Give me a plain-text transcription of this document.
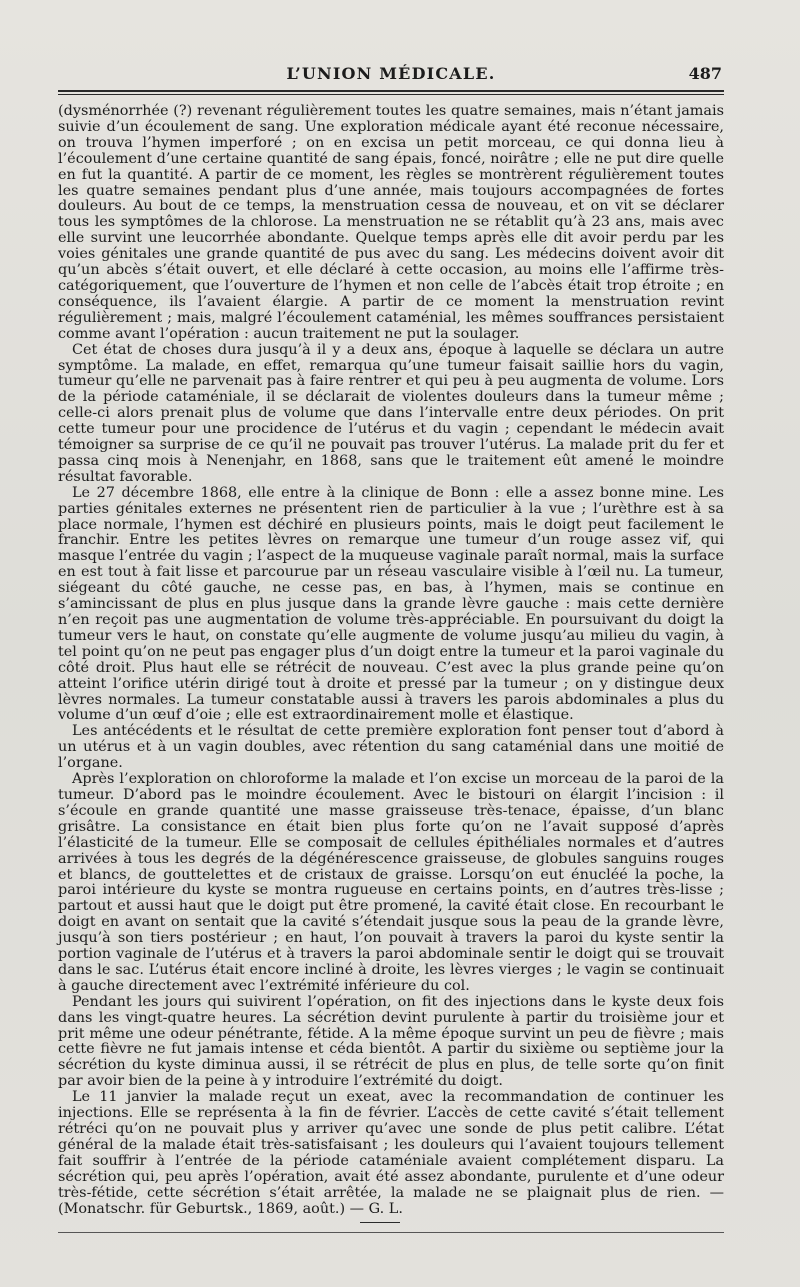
L’UNION MÉDICALE.	487

(dysménorrhée (?) revenant régulièrement toutes les quatre semaines, mais n’étant jamais suivie d’un écoulement de sang. Une exploration médicale ayant été reconue nécessaire, on trouva l’hymen imperforé ; on en excisa un petit morceau, ce qui donna lieu à l’écoulement d’une certaine quantité de sang épais, foncé, noirâtre ; elle ne put dire quelle en fut la quantité. A partir de ce moment, les règles se montrèrent régulièrement toutes les quatre semaines pendant plus d’une année, mais toujours accompagnées de fortes douleurs. Au bout de ce temps, la menstruation cessa de nouveau, et on vit se déclarer tous les symptômes de la chlorose. La menstruation ne se rétablit qu’à 23 ans, mais avec elle survint une leucorrhée abondante. Quelque temps après elle dit avoir perdu par les voies génitales une grande quantité de pus avec du sang. Les médecins doivent avoir dit qu’un abcès s’était ouvert, et elle déclaré à cette occasion, au moins elle l’affirme très-catégoriquement, que l’ouverture de l’hymen et non celle de l’abcès était trop étroite ; en conséquence, ils l’avaient élargie. A partir de ce moment la menstruation revint régulièrement ; mais, malgré l’écoulement cataménial, les mêmes souffrances persistaient comme avant l’opération : aucun traitement ne put la soulager.

Cet état de choses dura jusqu’à il y a deux ans, époque à laquelle se déclara un autre symptôme. La malade, en effet, remarqua qu’une tumeur faisait saillie hors du vagin, tumeur qu’elle ne parvenait pas à faire rentrer et qui peu à peu augmenta de volume. Lors de la période cataméniale, il se déclarait de violentes douleurs dans la tumeur même ; celle-ci alors prenait plus de volume que dans l’intervalle entre deux périodes. On prit cette tumeur pour une procidence de l’utérus et du vagin ; cependant le médecin avait témoigner sa surprise de ce qu’il ne pouvait pas trouver l’utérus. La malade prit du fer et passa cinq mois à Nenenjahr, en 1868, sans que le traitement eût amené le moindre résultat favorable.

Le 27 décembre 1868, elle entre à la clinique de Bonn : elle a assez bonne mine. Les parties génitales externes ne présentent rien de particulier à la vue ; l’urèthre est à sa place normale, l’hymen est déchiré en plusieurs points, mais le doigt peut facilement le franchir. Entre les petites lèvres on remarque une tumeur d’un rouge assez vif, qui masque l’entrée du vagin ; l’aspect de la muqueuse vaginale paraît normal, mais la surface en est tout à fait lisse et parcourue par un réseau vasculaire visible à l’œil nu. La tumeur, siégeant du côté gauche, ne cesse pas, en bas, à l’hymen, mais se continue en s’amincissant de plus en plus jusque dans la grande lèvre gauche : mais cette dernière n’en reçoit pas une augmentation de volume très-appréciable. En poursuivant du doigt la tumeur vers le haut, on constate qu’elle augmente de volume jusqu’au milieu du vagin, à tel point qu’on ne peut pas engager plus d’un doigt entre la tumeur et la paroi vaginale du côté droit. Plus haut elle se rétrécit de nouveau. C’est avec la plus grande peine qu’on atteint l’orifice utérin dirigé tout à droite et pressé par la tumeur ; on y distingue deux lèvres normales. La tumeur constatable aussi à travers les parois abdominales a plus du volume d’un œuf d’oie ; elle est extraordinairement molle et élastique.

Les antécédents et le résultat de cette première exploration font penser tout d’abord à un utérus et à un vagin doubles, avec rétention du sang cataménial dans une moitié de l’organe.

Après l’exploration on chloroforme la malade et l’on excise un morceau de la paroi de la tumeur. D’abord pas le moindre écoulement. Avec le bistouri on élargit l’incision : il s’écoule en grande quantité une masse graisseuse très-tenace, épaisse, d’un blanc grisâtre. La consistance en était bien plus forte qu’on ne l’avait supposé d’après l’élasticité de la tumeur. Elle se composait de cellules épithéliales normales et d’autres arrivées à tous les degrés de la dégénérescence graisseuse, de globules sanguins rouges et blancs, de gouttelettes et de cristaux de graisse. Lorsqu’on eut énucléé la poche, la paroi intérieure du kyste se montra rugueuse en certains points, en d’autres très-lisse ; partout et aussi haut que le doigt put être promené, la cavité était close. En recourbant le doigt en avant on sentait que la cavité s’étendait jusque sous la peau de la grande lèvre, jusqu’à son tiers postérieur ; en haut, l’on pouvait à travers la paroi du kyste sentir la portion vaginale de l’utérus et à travers la paroi abdominale sentir le doigt qui se trouvait dans le sac. L’utérus était encore incliné à droite, les lèvres vierges ; le vagin se continuait à gauche directement avec l’extrémité inférieure du col.

Pendant les jours qui suivirent l’opération, on fit des injections dans le kyste deux fois dans les vingt-quatre heures. La sécrétion devint purulente à partir du troisième jour et prit même une odeur pénétrante, fétide. A la même époque survint un peu de fièvre ; mais cette fièvre ne fut jamais intense et céda bientôt. A partir du sixième ou septième jour la sécrétion du kyste diminua aussi, il se rétrécit de plus en plus, de telle sorte qu’on finit par avoir bien de la peine à y introduire l’extrémité du doigt.

Le 11 janvier la malade reçut un exeat, avec la recommandation de continuer les injections. Elle se représenta à la fin de février. L’accès de cette cavité s’était tellement rétréci qu’on ne pouvait plus y arriver qu’avec une sonde de plus petit calibre. L’état général de la malade était très-satisfaisant ; les douleurs qui l’avaient toujours tellement fait souffrir à l’entrée de la période cataméniale avaient complétement disparu. La sécrétion qui, peu après l’opération, avait été assez abondante, purulente et d’une odeur très-fétide, cette sécrétion s’était arrêtée, la malade ne se plaignait plus de rien. — (Monatschr. für Geburtsk., 1869, août.) — G. L.
